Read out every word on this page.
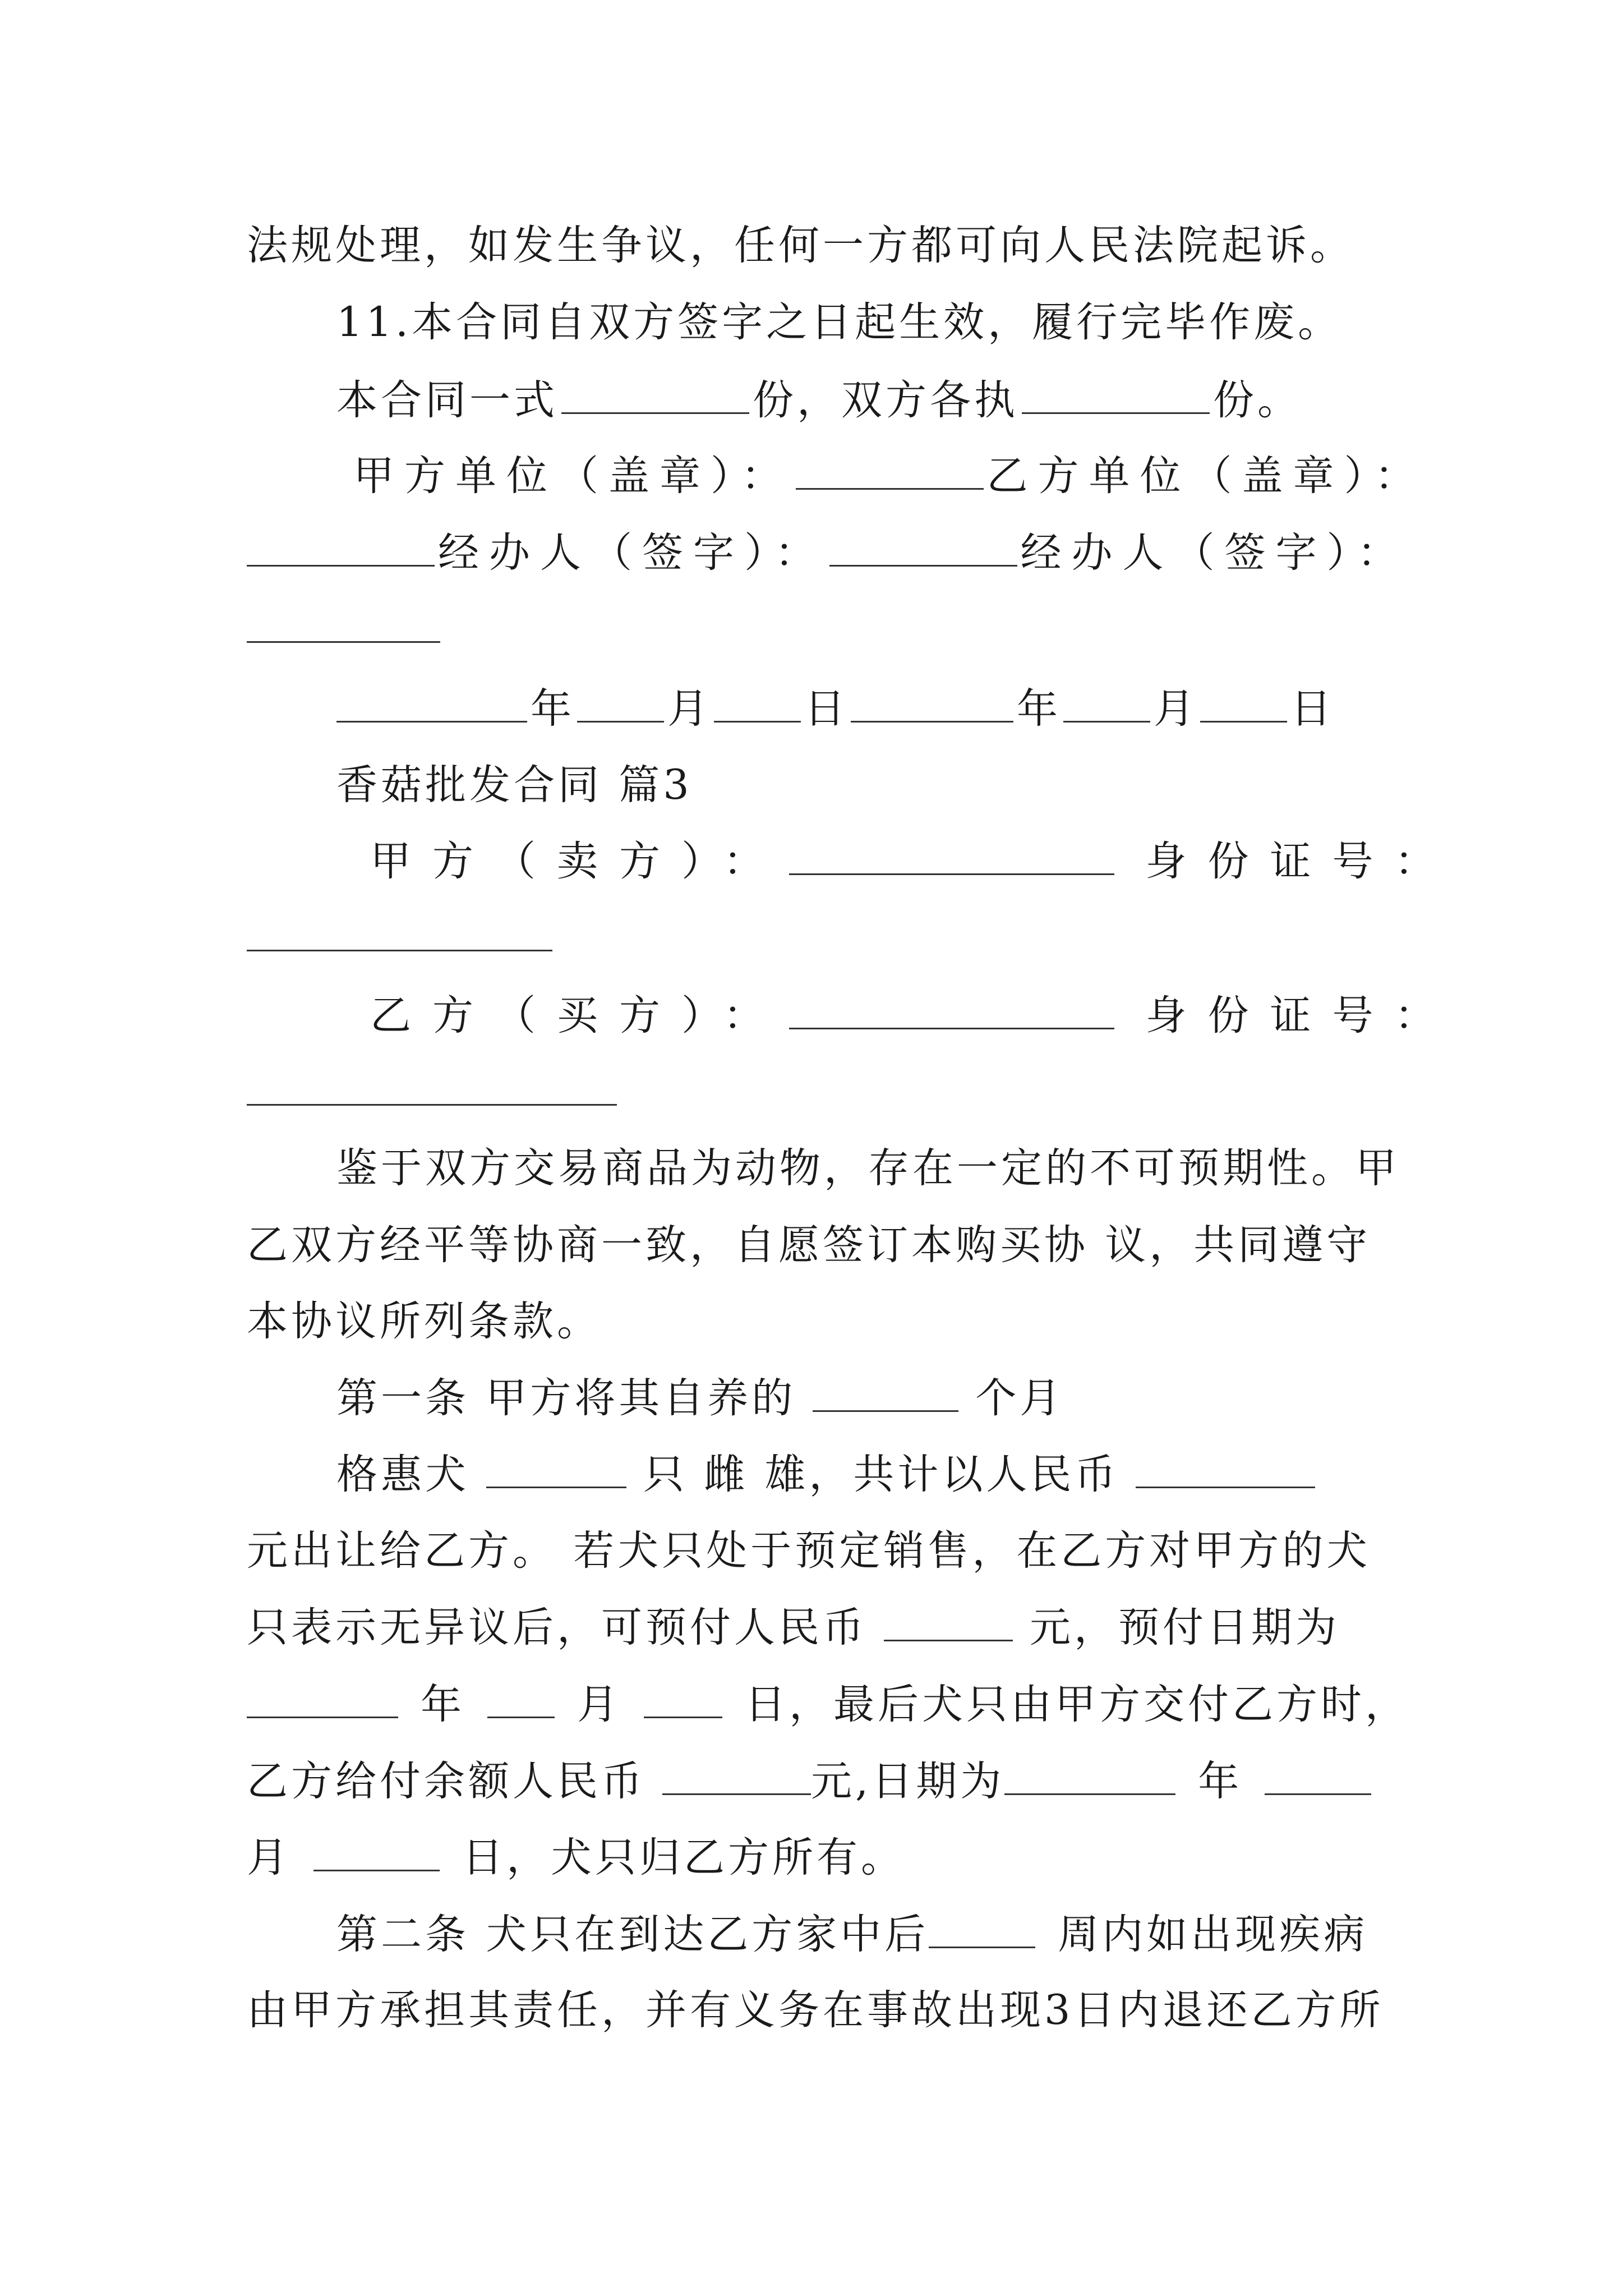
法规处理，如发生争议，任何一方都可向人民法院起诉。
11.本合同自双方签字之日起生效，履行完毕作废。
本合同一式	份，双方各执	份。
甲方单位（盖章）：	乙方单位（盖章）：
经办人（签字）：	经办人（签字）：
年 月 日	年 月 日
香菇批发合同 篇3
甲方（卖方）：	身份证号：
乙方（买方）：	身份证号：
鉴于双方交易商品为动物，存在一定的不可预期性。甲
乙双方经平等协商一致，自愿签订本购买协 议，共同遵守
本协议所列条款。
第一条 甲方将其自养的	个月
格惠犬	只 雌 雄，共计以人民币
元出让给乙方。 若犬只处于预定销售，在乙方对甲方的犬
只表示无异议后，可预付人民币	元，预付日期为
年	月	日，最后犬只由甲方交付乙方时，
乙方给付余额人民币	元,日期为	年
月	日，犬只归乙方所有。
第二条 犬只在到达乙方家中后	周内如出现疾病
由甲方承担其责任，并有义务在事故出现3日内退还乙方所
